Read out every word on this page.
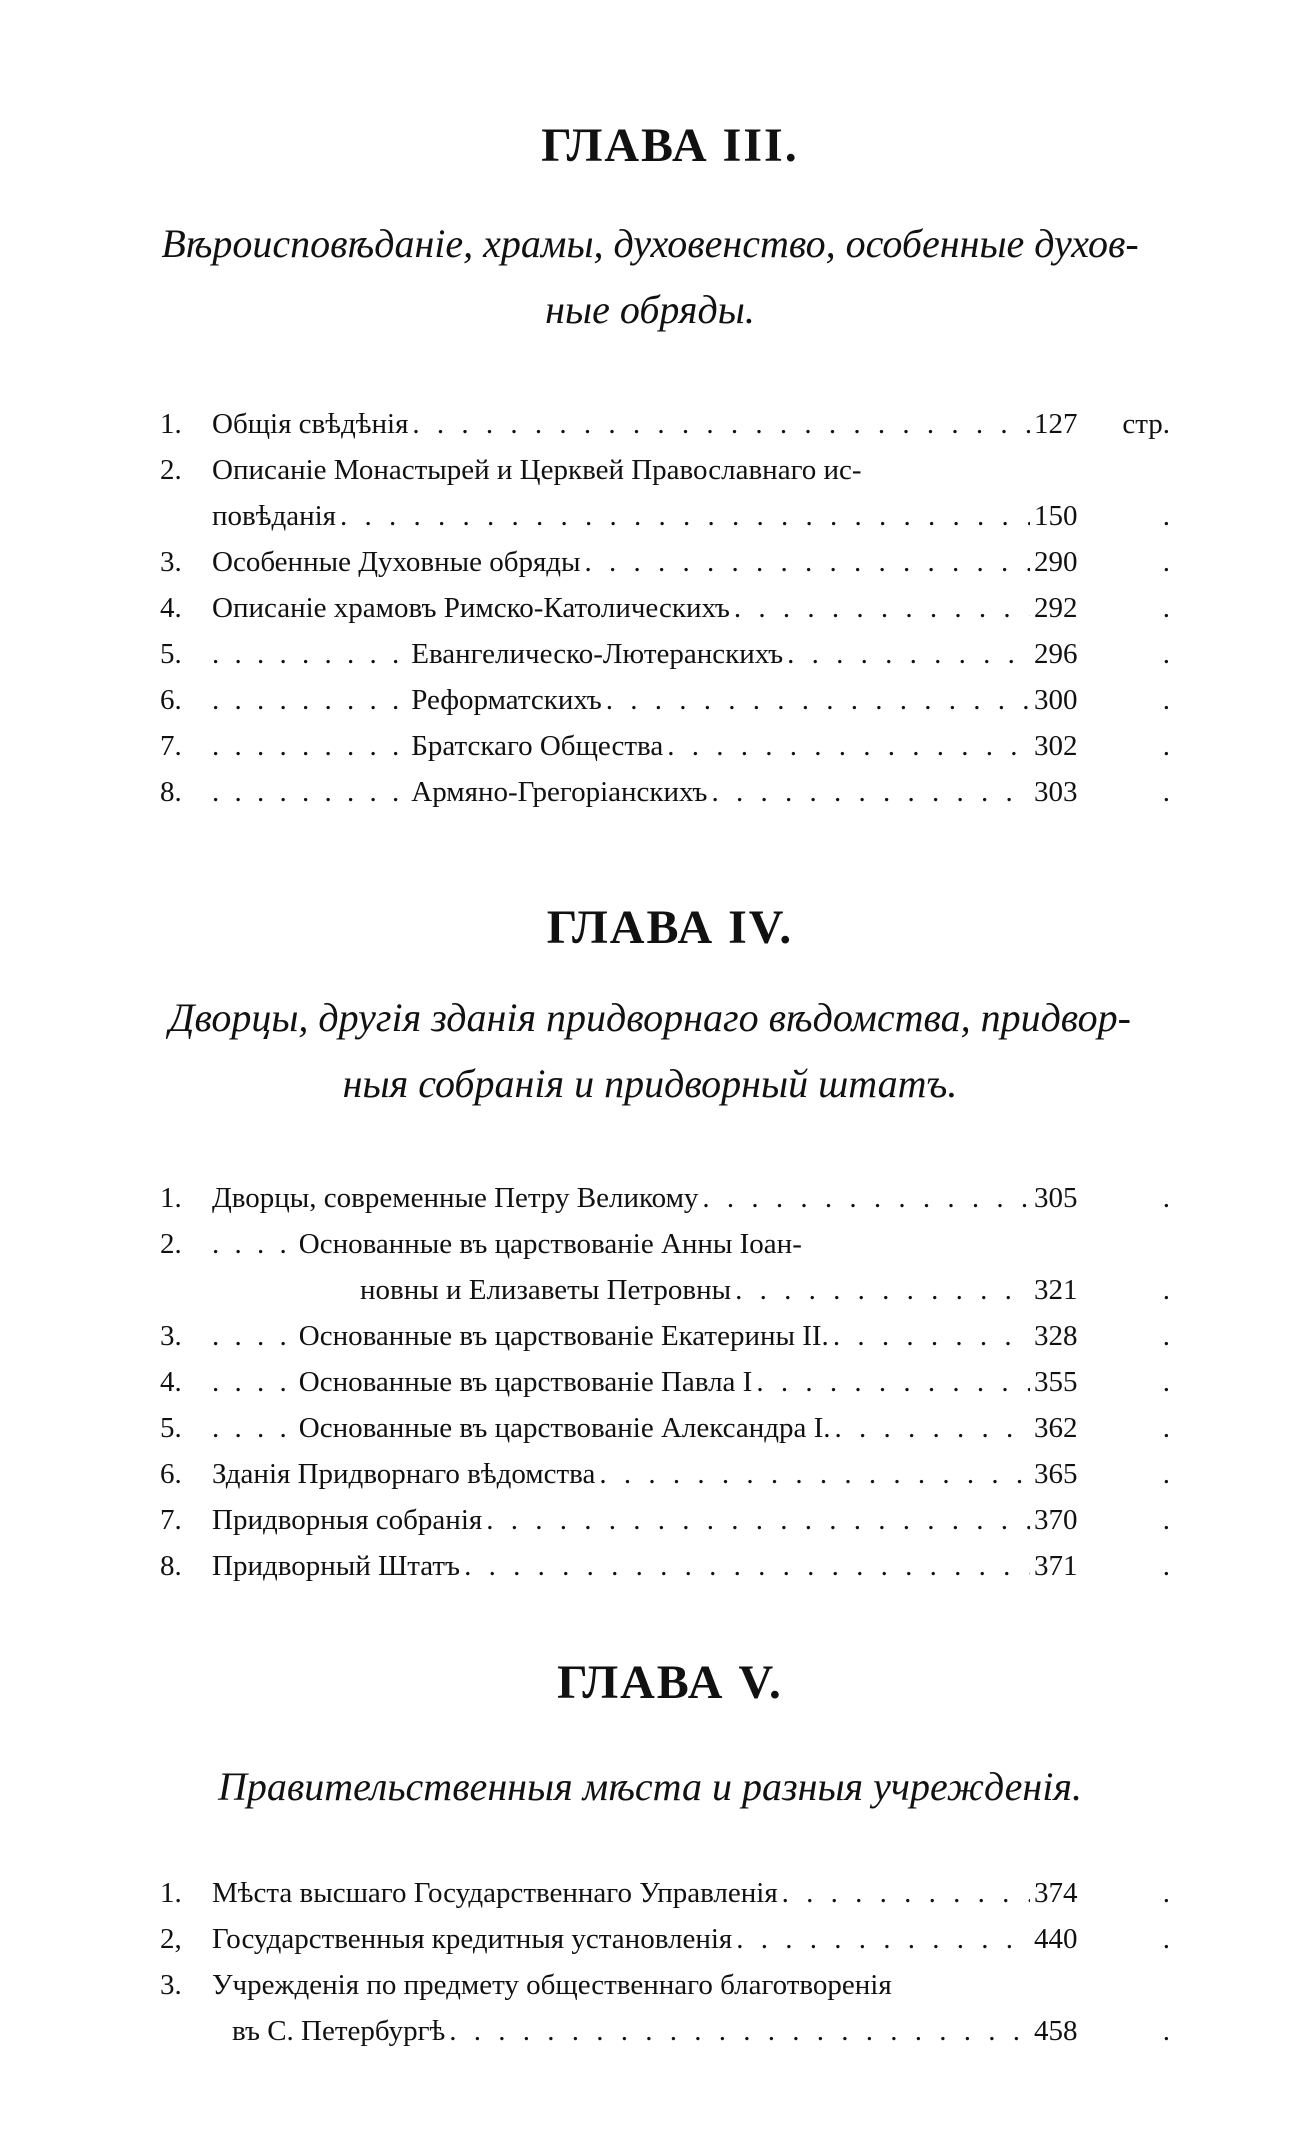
ГЛАВА III.
Вѣроисповѣданіе, храмы, духовенство, особенные духов-
ные обряды.
1.	Общія свѣдѣнія . . .	127	стр.
2.	Описаніе Монастырей и Церквей Православнаго ис-
повѣданія . . .	150	.
3.	Особенные Духовные обряды . . .	290	.
4.	Описаніе храмовъ Римско-Католическихъ . . .	292	.
5.	. . . . . . . . . Евангелическо-Лютеранскихъ . . .	296	.
6.	. . . . . . . . . Реформатскихъ . . .	300	.
7.	. . . . . . . . . Братскаго Общества . . .	302	.
8.	. . . . . . . . . Армяно-Грегоріанскихъ . . .	303	.
ГЛАВА IV.
Дворцы, другія зданія придворнаго вѣдомства, придвор-
ныя собранія и придворный штатъ.
1.	Дворцы, современные Петру Великому . . .	305	.
2.	. . . . Основанные въ царствованіе Анны Іоан-
новны и Елизаветы Петровны . . .	321	.
3.	. . . . Основанные въ царствованіе Екатерины II. . . .	328	.
4.	. . . . Основанные въ царствованіе Павла I . . .	355	.
5.	. . . . Основанные въ царствованіе Александра I. . . .	362	.
6.	Зданія Придворнаго вѣдомства . . .	365	.
7.	Придворныя собранія . . .	370	.
8.	Придворный Штатъ . . .	371	.
ГЛАВА V.
Правительственныя мѣста и разныя учрежденія.
1.	Мѣста высшаго Государственнаго Управленія . . .	374	.
2,	Государственныя кредитныя установленія . . .	440	.
3.	Учрежденія по предмету общественнаго благотворенія
въ С. Петербургѣ . . .	458	.
